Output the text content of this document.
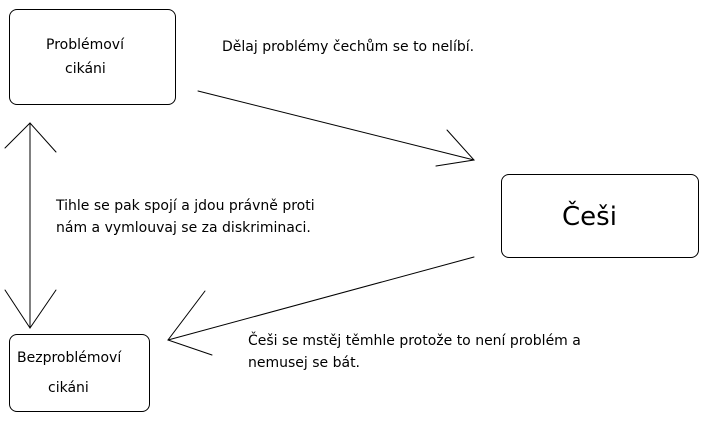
Problémoví
cikáni
Češi
Bezproblémoví
cikáni
Dělaj problémy čechům se to nelíbí.
Tihle se pak spojí a jdou právně proti
nám a vymlouvaj se za diskriminaci.
Češi se mstěj těmhle protože to není problém a
nemusej se bát.
